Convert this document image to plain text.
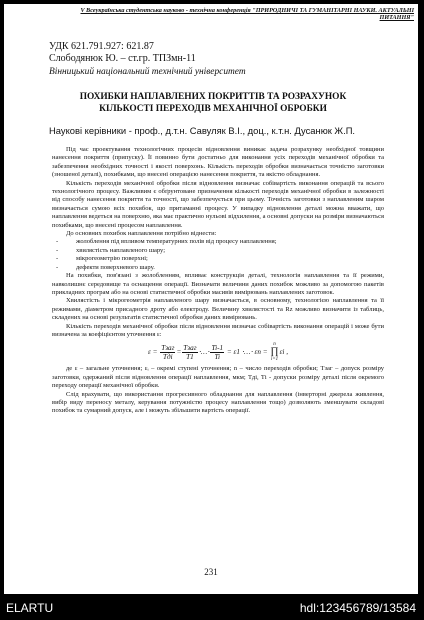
V Всеукраїнська студентська науково - технічна конференція "ПРИРОДНИЧІ ТА ГУМАНІТАРНІ НАУКИ. АКТУАЛЬНІ ПИТАННЯ"
УДК 621.791.927: 621.87
Слободянюк Ю. – ст.гр. ТПЗмн-11
Вінницький національний технічний університет
ПОХИБКИ НАПЛАВЛЕНИХ ПОКРИТТІВ ТА РОЗРАХУНОК КІЛЬКОСТІ ПЕРЕХОДІВ МЕХАНІЧНОЇ ОБРОБКИ
Наукові керівники - проф., д.т.н. Савуляк В.І., доц., к.т.н. Дусанюк Ж.П.

Під час проектування технологічних процесів відновлення виникає задача розрахунку необхідної товщини нанесення покриття (припуску). Її повинно бути достатньо для виконання усіх переходів механічної обробки та забезпечення необхідних точності і якості поверхонь. Кількість переходів обробки визначається точністю заготовки (зношеної деталі), похибками, що внесені операцією нанесення покриття, та якістю обладнання.

Кількість переходів механічної обробки після відновлення визначає собівартість виконання операцій та всього технологічного процесу. Важливим є обґрунтоване призначення кількості переходів механічної обробки в залежності від способу нанесення покриття та точності, що забезпечується при цьому. Точність заготовки з наплавленим шаром визначається сумою всіх похибок, що притаманні процесу. У випадку відновлення деталі можна вважати, що наплавлення ведеться на поверхню, яка має практично нульові відхилення, а основні допуски на розміри визначаються похибками, що внесені процесом наплавлення.

До основних похибок наплавлення потрібно віднести:

-	жолоблення під впливом температурних полів від процесу наплавлення;
-	хвилястість наплавленого шару;
-	мікрогеометрію поверхні;
-	дефекти поверхневого шару.

На похибки, пов'язані з жолобленням, впливає конструкція деталі, технологія наплавлення та її режими, навколишнє середовище та оснащення операції. Визначати величини даних похибок можливо за допомогою пакетів прикладних програм або на основі статистичної обробки масивів вимірювань наплавлених заготовок.

Хвилястість і мікрогеометрія наплавленого шару визначається, в основному, технологією наплавлення та її режимами, діаметром присадного дроту або електроду. Величину хвилястості та Rz можливо визначити із таблиць, складених на основі результатів статистичної обробки даних вимірювань.

Кількість переходів механічної обробки після відновлення визначає собівартість виконання операцій і може бути визначена за коефіцієнтом уточнення ε:

ε =
$\frac{\text{Tзаг}}{\text{Tдi}} = \frac{\text{Tзаг}}{T1}$ ⋅…⋅ $\frac{Ti-1}{Ti}$
= ε1 ⋅…⋅ εn =

n
∏
i=1
εi ,

де ε – загальне уточнення; εᵢ – окремі ступені уточнення; n – число переходів обробки; Tзаг – допуск розміру заготовки, одержаний після відновлення операції наплавлення, мкм; Tдi, Tі - допуски розміру деталі після окремого переходу операції механічної обробки.

Слід врахувати, що використання прогресивного обладнання для наплавлення (інверторні джерела живлення, вибір виду переносу металу, керування потужністю процесу наплавлення тощо) дозволяють зменшувати складові похибок та сумарний допуск, але і можуть збільшити вартість операції.

231
ELARTU	hdl:123456789/13584
